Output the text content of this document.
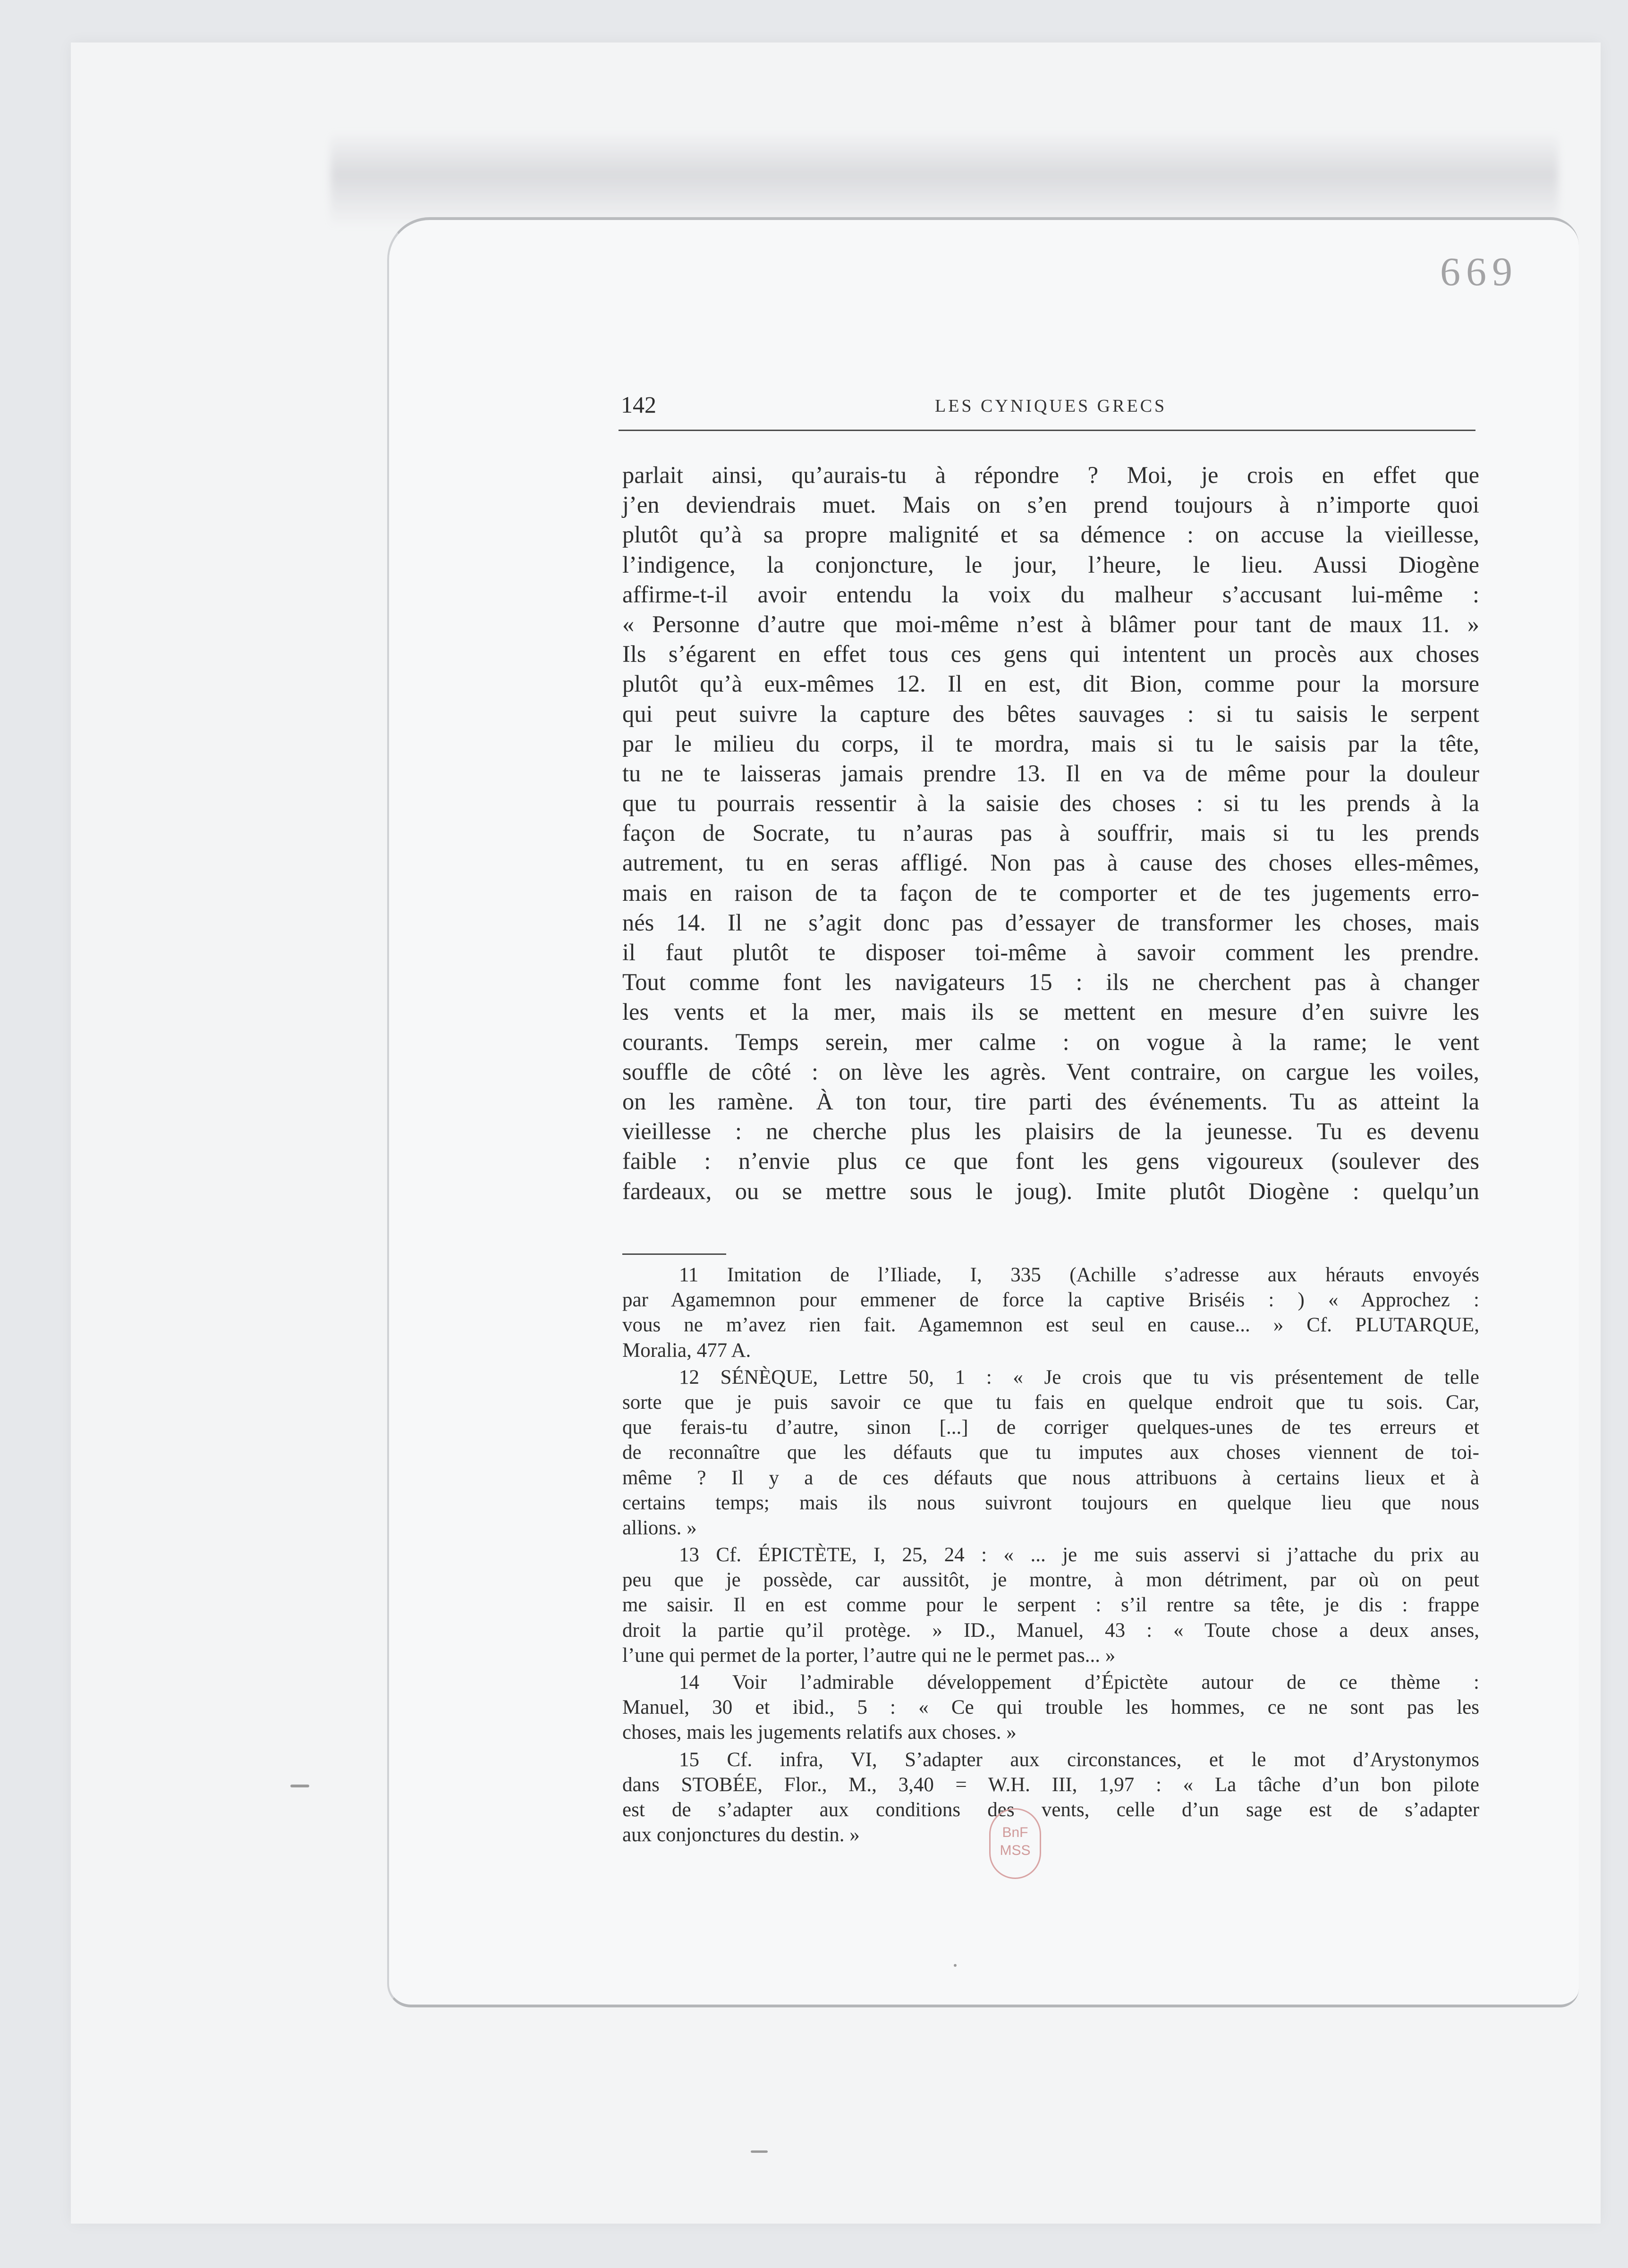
669
142	LES CYNIQUES GRECS
parlait ainsi, qu’aurais-tu à répondre ? Moi, je crois en effet que
j’en deviendrais muet. Mais on s’en prend toujours à n’importe quoi
plutôt qu’à sa propre malignité et sa démence : on accuse la vieillesse,
l’indigence, la conjoncture, le jour, l’heure, le lieu. Aussi Diogène
affirme-t-il avoir entendu la voix du malheur s’accusant lui-même :
« Personne d’autre que moi-même n’est à blâmer pour tant de maux 11. »
Ils s’égarent en effet tous ces gens qui intentent un procès aux choses
plutôt qu’à eux-mêmes 12. Il en est, dit Bion, comme pour la morsure
qui peut suivre la capture des bêtes sauvages : si tu saisis le serpent
par le milieu du corps, il te mordra, mais si tu le saisis par la tête,
tu ne te laisseras jamais prendre 13. Il en va de même pour la douleur
que tu pourrais ressentir à la saisie des choses : si tu les prends à la
façon de Socrate, tu n’auras pas à souffrir, mais si tu les prends
autrement, tu en seras affligé. Non pas à cause des choses elles-mêmes,
mais en raison de ta façon de te comporter et de tes jugements erro-
nés 14. Il ne s’agit donc pas d’essayer de transformer les choses, mais
il faut plutôt te disposer toi-même à savoir comment les prendre.
Tout comme font les navigateurs 15 : ils ne cherchent pas à changer
les vents et la mer, mais ils se mettent en mesure d’en suivre les
courants. Temps serein, mer calme : on vogue à la rame; le vent
souffle de côté : on lève les agrès. Vent contraire, on cargue les voiles,
on les ramène. À ton tour, tire parti des événements. Tu as atteint la
vieillesse : ne cherche plus les plaisirs de la jeunesse. Tu es devenu
faible : n’envie plus ce que font les gens vigoureux (soulever des
fardeaux, ou se mettre sous le joug). Imite plutôt Diogène : quelqu’un
11 Imitation de l’Iliade, I, 335 (Achille s’adresse aux hérauts envoyés
par Agamemnon pour emmener de force la captive Briséis : ) « Approchez :
vous ne m’avez rien fait. Agamemnon est seul en cause... » Cf. PLUTARQUE,
Moralia, 477 A.
12 SÉNÈQUE, Lettre 50, 1 : « Je crois que tu vis présentement de telle
sorte que je puis savoir ce que tu fais en quelque endroit que tu sois. Car,
que ferais-tu d’autre, sinon [...] de corriger quelques-unes de tes erreurs et
de reconnaître que les défauts que tu imputes aux choses viennent de toi-
même ? Il y a de ces défauts que nous attribuons à certains lieux et à
certains temps; mais ils nous suivront toujours en quelque lieu que nous
allions. »
13 Cf. ÉPICTÈTE, I, 25, 24 : « ... je me suis asservi si j’attache du prix au
peu que je possède, car aussitôt, je montre, à mon détriment, par où on peut
me saisir. Il en est comme pour le serpent : s’il rentre sa tête, je dis : frappe
droit la partie qu’il protège. » ID., Manuel, 43 : « Toute chose a deux anses,
l’une qui permet de la porter, l’autre qui ne le permet pas... »
14 Voir l’admirable développement d’Épictète autour de ce thème :
Manuel, 30 et ibid., 5 : « Ce qui trouble les hommes, ce ne sont pas les
choses, mais les jugements relatifs aux choses. »
15 Cf. infra, VI, S’adapter aux circonstances, et le mot d’Arystonymos
dans STOBÉE, Flor., M., 3,40 = W.H. III, 1,97 : « La tâche d’un bon pilote
est de s’adapter aux conditions des vents, celle d’un sage est de s’adapter
aux conjonctures du destin. »	BnF
MSS
